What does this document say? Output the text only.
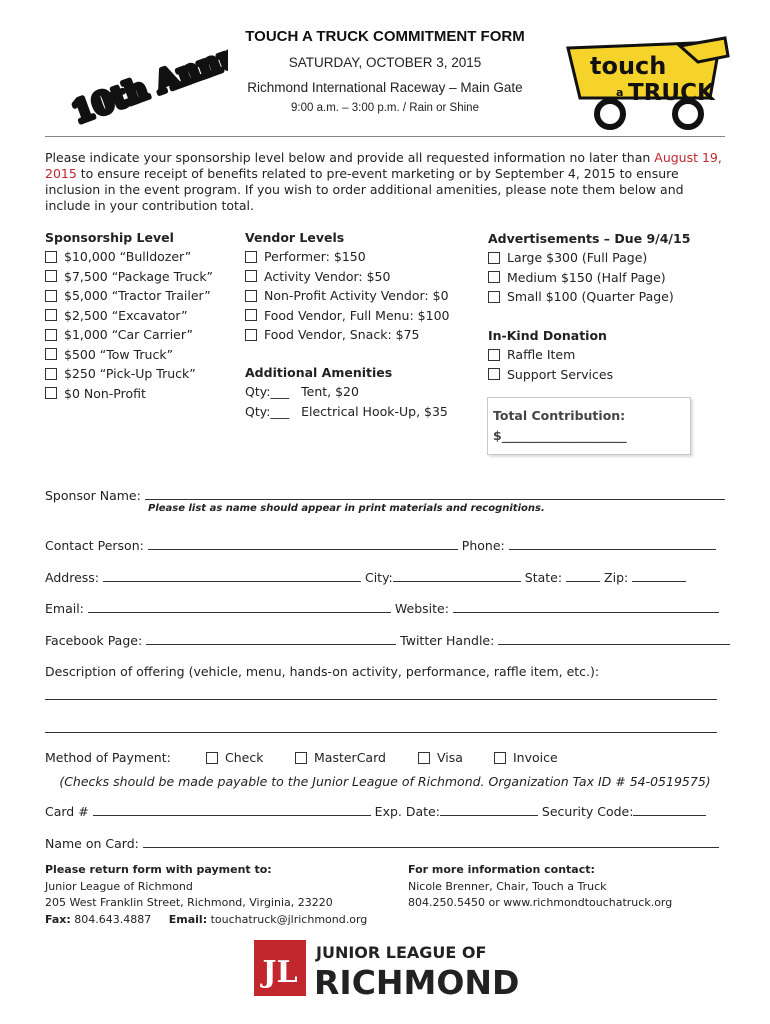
10th Annual
10th Annual
TOUCH A TRUCK COMMITMENT FORM
SATURDAY, OCTOBER 3, 2015
Richmond International Raceway – Main Gate
9:00 a.m. – 3:00 p.m. / Rain or Shine
touch
a TRUCK
Please indicate your sponsorship level below and provide all requested information no later than August 19, 2015 to ensure receipt of benefits related to pre-event marketing or by September 4, 2015 to ensure inclusion in the event program. If you wish to order additional amenities, please note them below and include in your contribution total.
Sponsorship Level
$10,000 “Bulldozer”
$7,500 “Package Truck”
$5,000 “Tractor Trailer”
$2,500 “Excavator”
$1,000 “Car Carrier”
$500 “Tow Truck”
$250 “Pick-Up Truck”
$0 Non-Profit
Vendor Levels
Performer: $150
Activity Vendor: $50
Non-Profit Activity Vendor: $0
Food Vendor, Full Menu: $100
Food Vendor, Snack: $75
Additional Amenities
Qty:___ Tent, $20
Qty:___ Electrical Hook-Up, $35
Advertisements – Due 9/4/15
Large $300 (Full Page)
Medium $150 (Half Page)
Small $100 (Quarter Page)
In-Kind Donation
Raffle Item
Support Services
Total Contribution:
$____________________
Sponsor Name:
Please list as name should appear in print materials and recognitions.
Contact Person:	Phone:
Address:	City:	State:	Zip:
Email:	Website:
Facebook Page:	Twitter Handle:
Description of offering (vehicle, menu, hands-on activity, performance, raffle item, etc.):
Method of Payment:	Check	MasterCard	Visa	Invoice
(Checks should be made payable to the Junior League of Richmond. Organization Tax ID # 54-0519575)
Card #	Exp. Date:	Security Code:
Name on Card:
Please return form with payment to:
Junior League of Richmond
205 West Franklin Street, Richmond, Virginia, 23220
Fax: 804.643.4887 Email: touchatruck@jlrichmond.org
For more information contact:
Nicole Brenner, Chair, Touch a Truck
804.250.5450 or www.richmondtouchatruck.org
JL
JUNIOR LEAGUE OF
RICHMOND
